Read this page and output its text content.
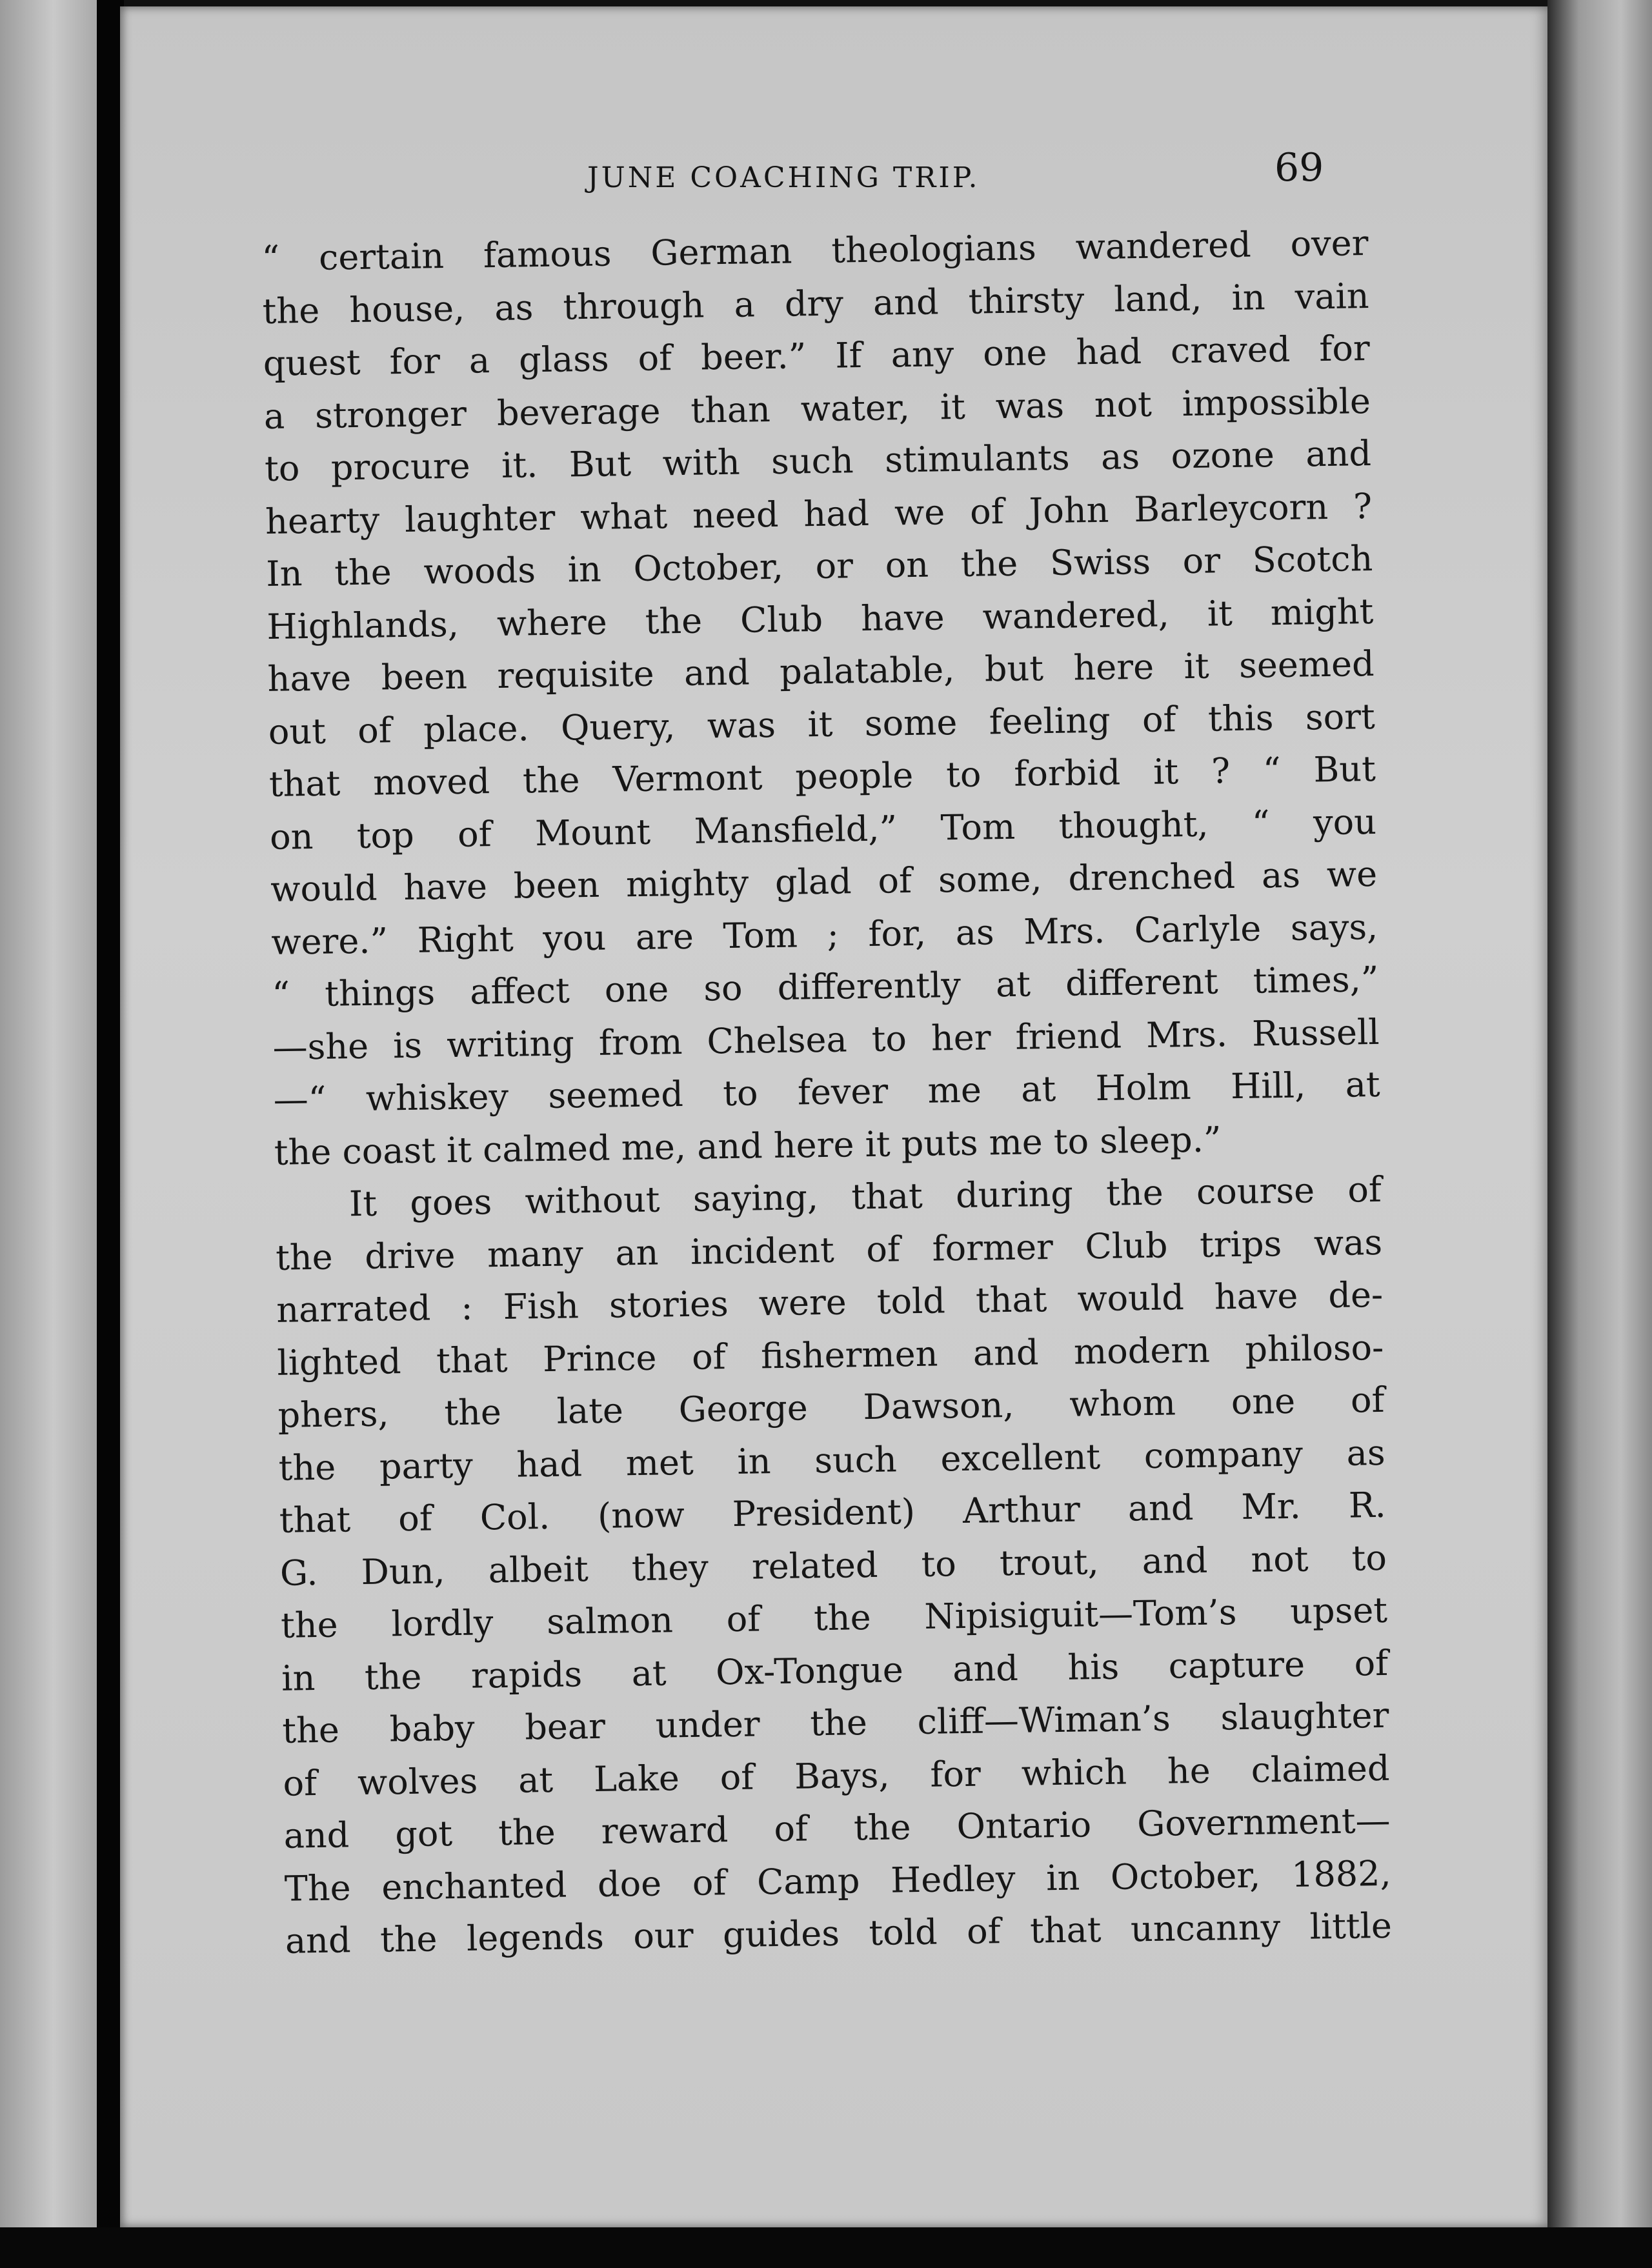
JUNE COACHING TRIP.	69
“ certain famous German theologians wandered over
the house, as through a dry and thirsty land, in vain
quest for a glass of beer.” If any one had craved for
a stronger beverage than water, it was not impossible
to procure it. But with such stimulants as ozone and
hearty laughter what need had we of John Barleycorn ?
In the woods in October, or on the Swiss or Scotch
Highlands, where the Club have wandered, it might
have been requisite and palatable, but here it seemed
out of place. Query, was it some feeling of this sort
that moved the Vermont people to forbid it ? “ But
on top of Mount Mansfield,” Tom thought, “ you
would have been mighty glad of some, drenched as we
were.” Right you are Tom ; for, as Mrs. Carlyle says,
“ things affect one so differently at different times,”
—she is writing from Chelsea to her friend Mrs. Russell
—“ whiskey seemed to fever me at Holm Hill, at
the coast it calmed me, and here it puts me to sleep.”
It goes without saying, that during the course of
the drive many an incident of former Club trips was
narrated : Fish stories were told that would have de-
lighted that Prince of fishermen and modern philoso-
phers, the late George Dawson, whom one of
the party had met in such excellent company as
that of Col. (now President) Arthur and Mr. R.
G. Dun, albeit they related to trout, and not to
the lordly salmon of the Nipisiguit—Tom’s upset
in the rapids at Ox-Tongue and his capture of
the baby bear under the cliff—Wiman’s slaughter
of wolves at Lake of Bays, for which he claimed
and got the reward of the Ontario Government—
The enchanted doe of Camp Hedley in October, 1882,
and the legends our guides told of that uncanny little
